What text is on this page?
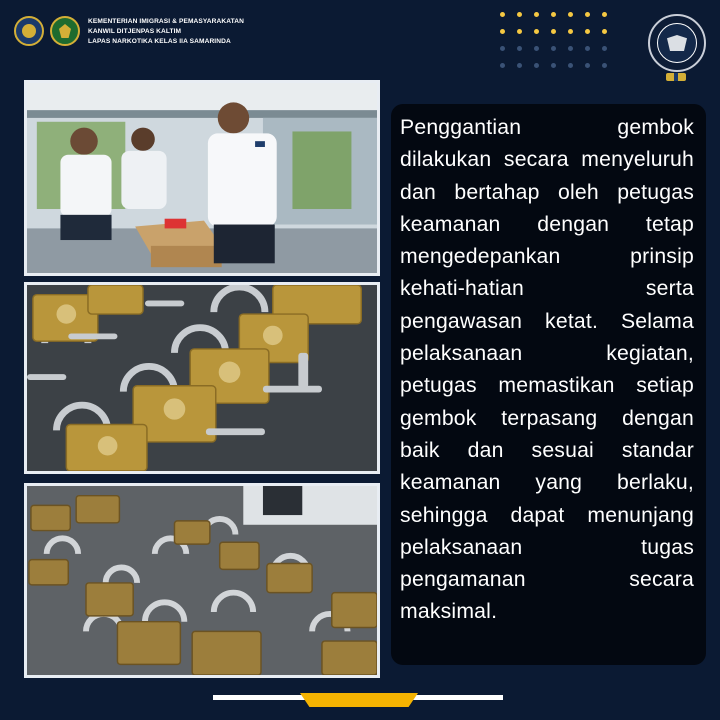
KEMENTERIAN IMIGRASI & PEMASYARAKATAN
KANWIL DITJENPAS KALTIM
LAPAS NARKOTIKA KELAS IIA SAMARINDA

Penggantian gembok dilakukan secara menyeluruh dan bertahap oleh petugas keamanan dengan tetap mengedepankan prinsip kehati-hatian serta pengawasan ketat. Selama pelaksanaan kegiatan, petugas memastikan setiap gembok terpasang dengan baik dan sesuai standar keamanan yang berlaku, sehingga dapat menunjang pelaksanaan tugas pengamanan secara maksimal.
